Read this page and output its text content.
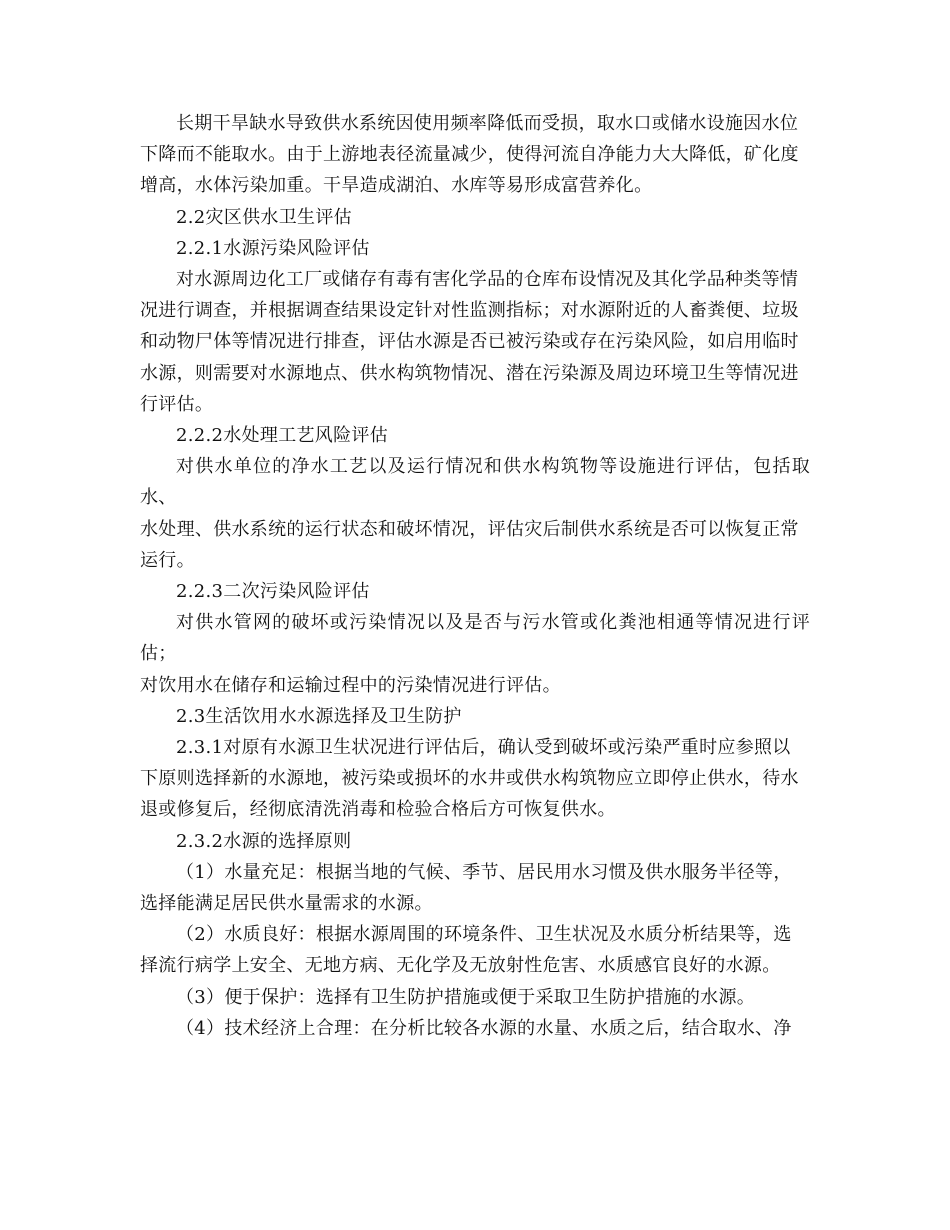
长期干旱缺水导致供水系统因使用频率降低而受损，取水口或储水设施因水位
下降而不能取水。由于上游地表径流量减少，使得河流自净能力大大降低，矿化度
增高，水体污染加重。干旱造成湖泊、水库等易形成富营养化。

2.2灾区供水卫生评估

2.2.1水源污染风险评估

对水源周边化工厂或储存有毒有害化学品的仓库布设情况及其化学品种类等情
况进行调查，并根据调查结果设定针对性监测指标；对水源附近的人畜粪便、垃圾
和动物尸体等情况进行排查，评估水源是否已被污染或存在污染风险，如启用临时
水源，则需要对水源地点、供水构筑物情况、潜在污染源及周边环境卫生等情况进
行评估。

2.2.2水处理工艺风险评估

对供水单位的净水工艺以及运行情况和供水构筑物等设施进行评估，包括取水、
水处理、供水系统的运行状态和破坏情况，评估灾后制供水系统是否可以恢复正常
运行。

2.2.3二次污染风险评估

对供水管网的破坏或污染情况以及是否与污水管或化粪池相通等情况进行评估；
对饮用水在储存和运输过程中的污染情况进行评估。

2.3生活饮用水水源选择及卫生防护

2.3.1对原有水源卫生状况进行评估后，确认受到破坏或污染严重时应参照以
下原则选择新的水源地，被污染或损坏的水井或供水构筑物应立即停止供水，待水
退或修复后，经彻底清洗消毒和检验合格后方可恢复供水。

2.3.2水源的选择原则

（1）水量充足：根据当地的气候、季节、居民用水习惯及供水服务半径等，
选择能满足居民供水量需求的水源。

（2）水质良好：根据水源周围的环境条件、卫生状况及水质分析结果等，选
择流行病学上安全、无地方病、无化学及无放射性危害、水质感官良好的水源。

（3）便于保护：选择有卫生防护措施或便于采取卫生防护措施的水源。

（4）技术经济上合理：在分析比较各水源的水量、水质之后，结合取水、净
